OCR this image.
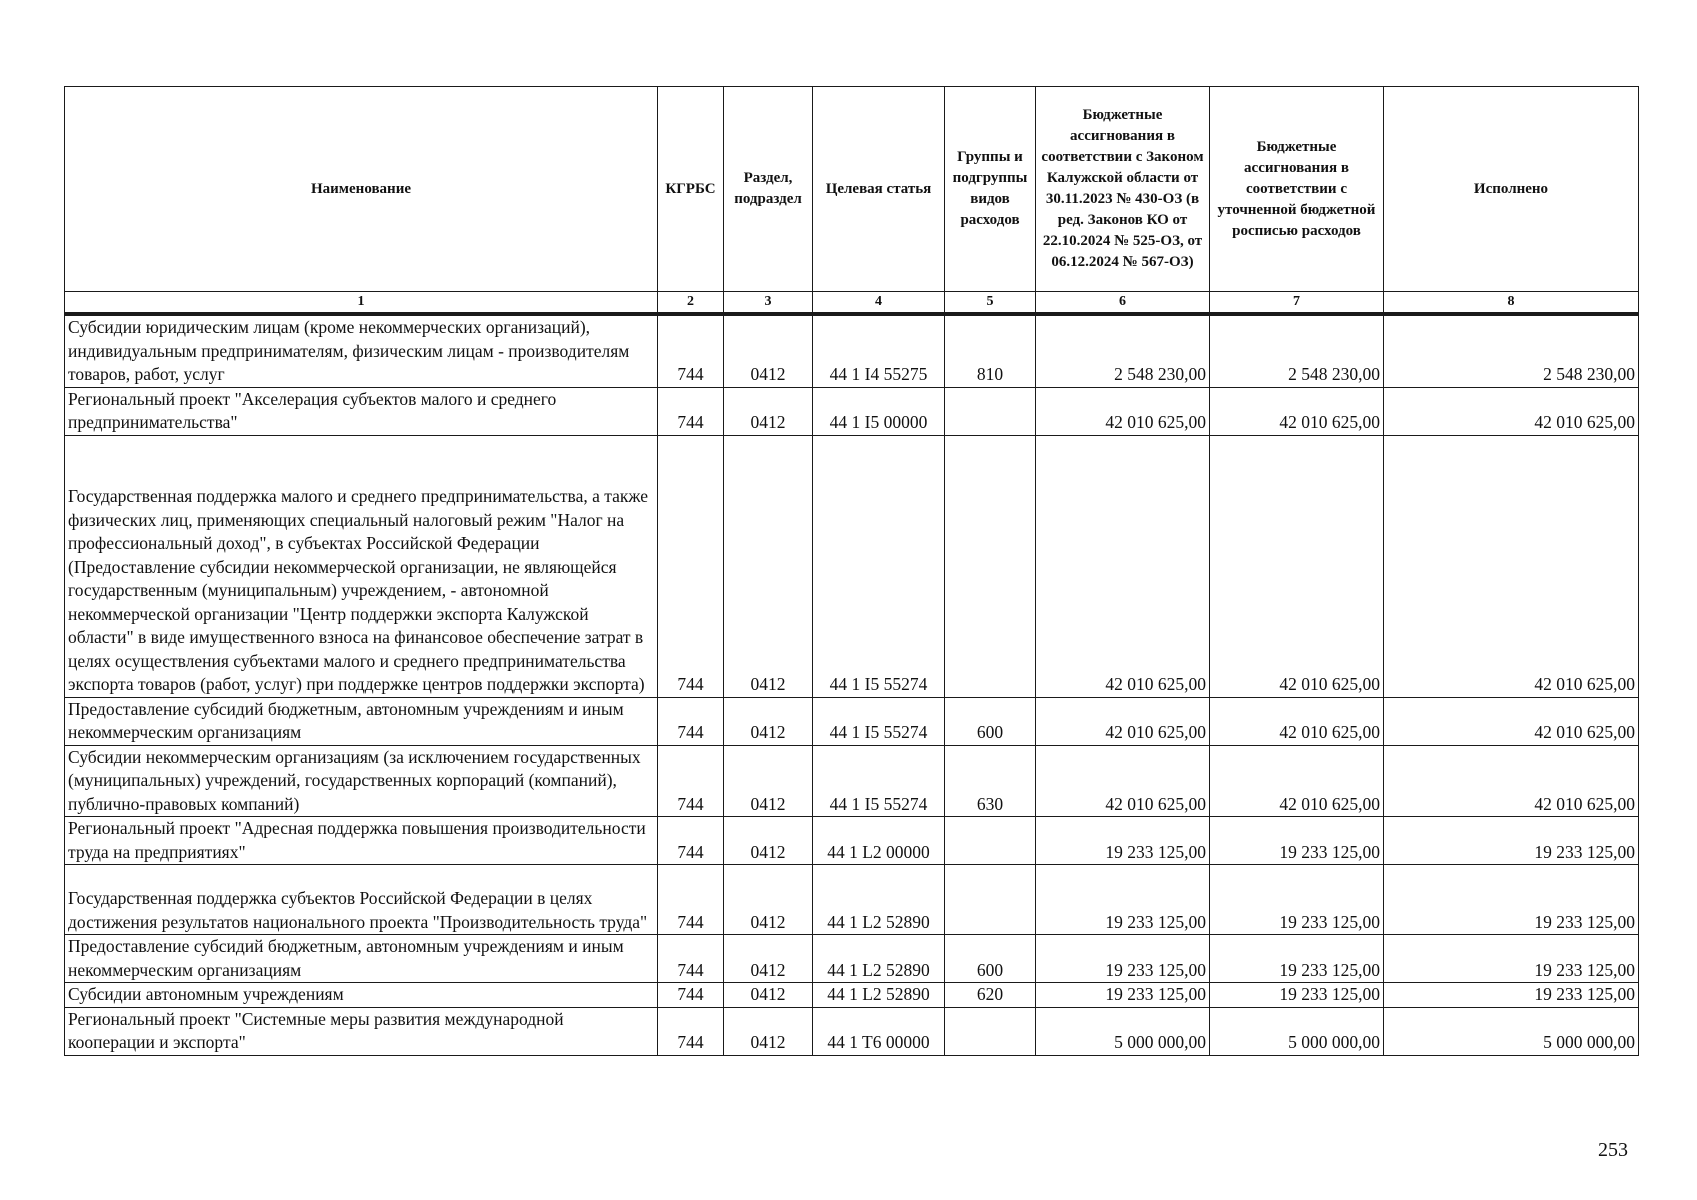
Наименование	КГРБС	Раздел, подраздел	Целевая статья	Группы и подгруппы видов расходов	Бюджетные ассигнования в соответствии с Законом Калужской области от 30.11.2023 № 430-ОЗ (в ред. Законов КО от 22.10.2024 № 525-ОЗ, от 06.12.2024 № 567-ОЗ)	Бюджетные ассигнования в соответствии с уточненной бюджетной росписью расходов	Исполнено
1	2	3	4	5	6	7	8
Субсидии юридическим лицам (кроме некоммерческих организаций), индивидуальным предпринимателям, физическим лицам - производителям товаров, работ, услуг	744	0412	44 1 I4 55275	810	2 548 230,00	2 548 230,00	2 548 230,00
Региональный проект "Акселерация субъектов малого и среднего предпринимательства"	744	0412	44 1 I5 00000		42 010 625,00	42 010 625,00	42 010 625,00
Государственная поддержка малого и среднего предпринимательства, а также физических лиц, применяющих специальный налоговый режим "Налог на профессиональный доход", в субъектах Российской Федерации (Предоставление субсидии некоммерческой организации, не являющейся государственным (муниципальным) учреждением, - автономной некоммерческой организации "Центр поддержки экспорта Калужской области" в виде имущественного взноса на финансовое обеспечение затрат в целях осуществления субъектами малого и среднего предпринимательства экспорта товаров (работ, услуг) при поддержке центров поддержки экспорта)	744	0412	44 1 I5 55274		42 010 625,00	42 010 625,00	42 010 625,00
Предоставление субсидий бюджетным, автономным учреждениям и иным некоммерческим организациям	744	0412	44 1 I5 55274	600	42 010 625,00	42 010 625,00	42 010 625,00
Субсидии некоммерческим организациям (за исключением государственных (муниципальных) учреждений, государственных корпораций (компаний), публично-правовых компаний)	744	0412	44 1 I5 55274	630	42 010 625,00	42 010 625,00	42 010 625,00
Региональный проект "Адресная поддержка повышения производительности труда на предприятиях"	744	0412	44 1 L2 00000		19 233 125,00	19 233 125,00	19 233 125,00
Государственная поддержка субъектов Российской Федерации в целях достижения результатов национального проекта "Производительность труда"	744	0412	44 1 L2 52890		19 233 125,00	19 233 125,00	19 233 125,00
Предоставление субсидий бюджетным, автономным учреждениям и иным некоммерческим организациям	744	0412	44 1 L2 52890	600	19 233 125,00	19 233 125,00	19 233 125,00
Субсидии автономным учреждениям	744	0412	44 1 L2 52890	620	19 233 125,00	19 233 125,00	19 233 125,00
Региональный проект "Системные меры развития международной кооперации и экспорта"	744	0412	44 1 T6 00000		5 000 000,00	5 000 000,00	5 000 000,00
253
